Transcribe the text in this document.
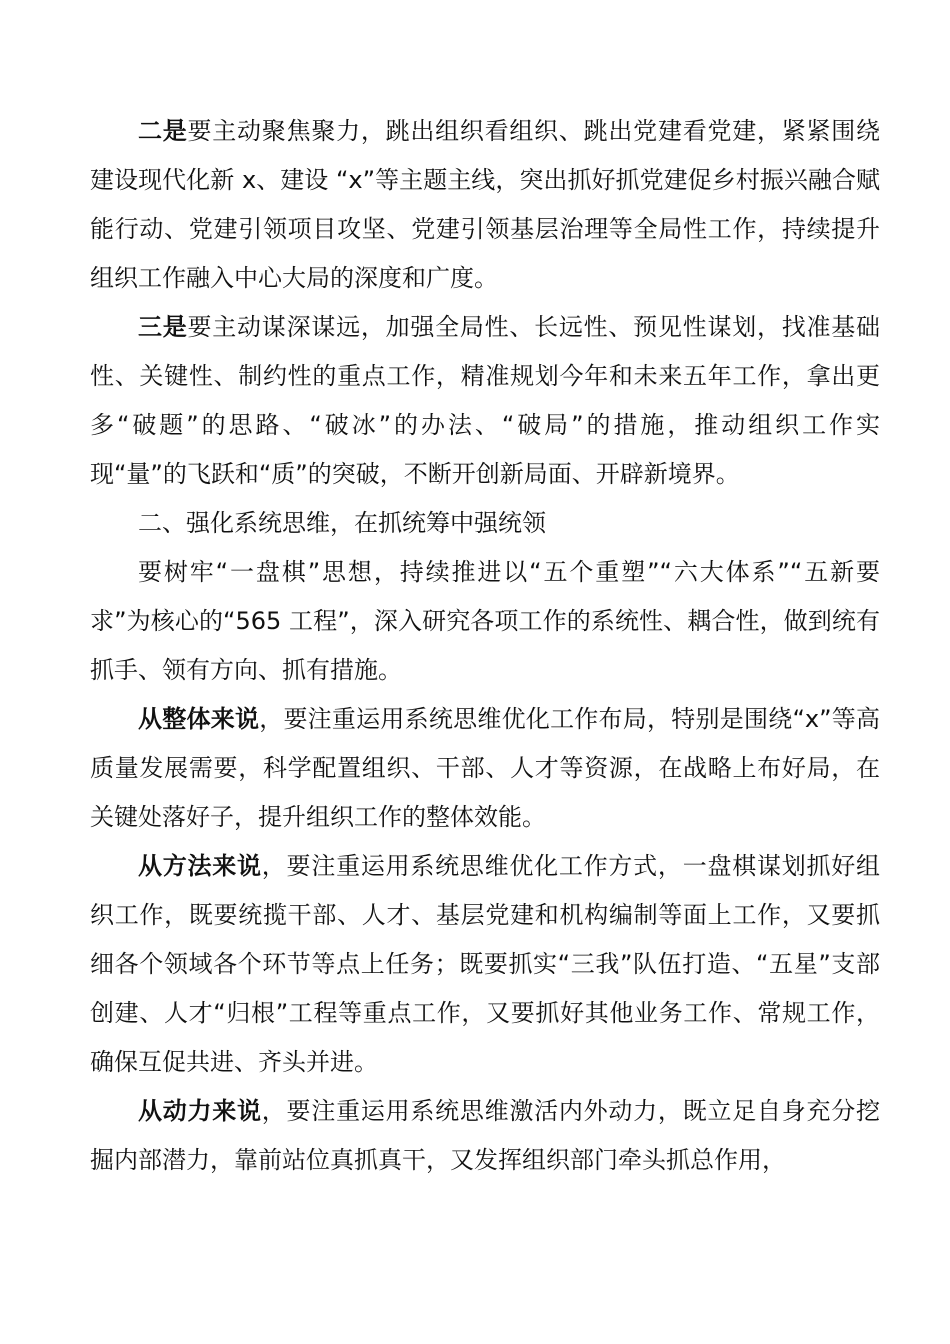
二是要主动聚焦聚力，跳出组织看组织、跳出党建看党建，紧紧围绕建设现代化新 x、建设 “x”等主题主线，突出抓好抓党建促乡村振兴融合赋能行动、党建引领项目攻坚、党建引领基层治理等全局性工作，持续提升组织工作融入中心大局的深度和广度。

三是要主动谋深谋远，加强全局性、长远性、预见性谋划，找准基础性、关键性、制约性的重点工作，精准规划今年和未来五年工作，拿出更多“破题”的思路、“破冰”的办法、“破局”的措施，推动组织工作实现“量”的飞跃和“质”的突破，不断开创新局面、开辟新境界。

二、强化系统思维，在抓统筹中强统领

要树牢“一盘棋”思想，持续推进以“五个重塑”“六大体系”“五新要求”为核心的“565 工程”，深入研究各项工作的系统性、耦合性，做到统有抓手、领有方向、抓有措施。

从整体来说，要注重运用系统思维优化工作布局，特别是围绕“x”等高质量发展需要，科学配置组织、干部、人才等资源，在战略上布好局，在关键处落好子，提升组织工作的整体效能。

从方法来说，要注重运用系统思维优化工作方式，一盘棋谋划抓好组织工作，既要统揽干部、人才、基层党建和机构编制等面上工作，又要抓细各个领域各个环节等点上任务；既要抓实“三我”队伍打造、“五星”支部创建、人才“归根”工程等重点工作，又要抓好其他业务工作、常规工作，确保互促共进、齐头并进。

从动力来说，要注重运用系统思维激活内外动力，既立足自身充分挖掘内部潜力，靠前站位真抓真干，又发挥组织部门牵头抓总作用，
